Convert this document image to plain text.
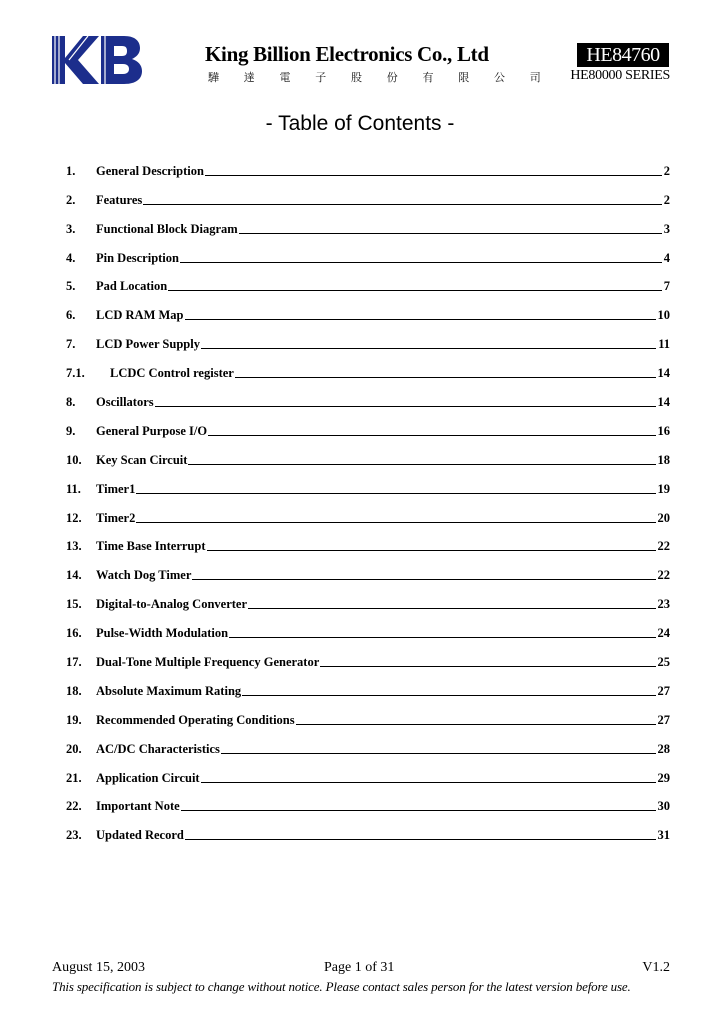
King Billion Electronics Co., Ltd
驊 達 電 子 股 份 有 限 公 司
HE84760
HE80000 SERIES
- Table of Contents -
1.	General Description	2
2.	Features	2
3.	Functional Block Diagram	3
4.	Pin Description	4
5.	Pad Location	7
6.	LCD RAM Map	10
7.	LCD Power Supply	11
7.1.	LCDC Control register	14
8.	Oscillators	14
9.	General Purpose I/O	16
10.	Key Scan Circuit	18
11.	Timer1	19
12.	Timer2	20
13.	Time Base Interrupt	22
14.	Watch Dog Timer	22
15.	Digital-to-Analog Converter	23
16.	Pulse-Width Modulation	24
17.	Dual-Tone Multiple Frequency Generator	25
18.	Absolute Maximum Rating	27
19.	Recommended Operating Conditions	27
20.	AC/DC Characteristics	28
21.	Application Circuit	29
22.	Important Note	30
23.	Updated Record	31
August 15, 2003	Page 1 of 31	V1.2
This specification is subject to change without notice. Please contact sales person for the latest version before use.
